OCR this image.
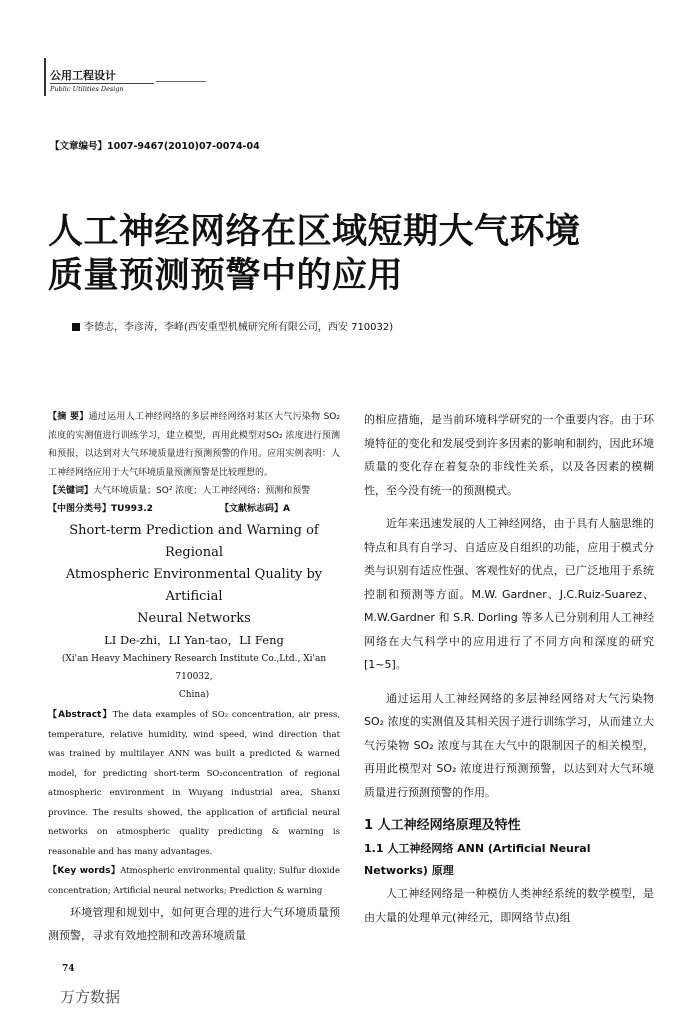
公用工程设计
Public Utilities Design
【文章编号】1007-9467(2010)07-0074-04
人工神经网络在区域短期大气环境
质量预测预警中的应用
李德志，李彦涛，李峰(西安重型机械研究所有限公司，西安 710032)
【摘 要】通过运用人工神经网络的多层神经网络对某区大气污染物 SO₂ 浓度的实测值进行训练学习，建立模型，再用此模型对SO₂ 浓度进行预测和预报，以达到对大气环境质量进行预测预警的作用。应用实例表明：人工神经网络应用于大气环境质量预测预警是比较理想的。
【关键词】大气环境质量；SO² 浓度；人工神经网络；预测和预警
【中图分类号】TU993.2	【文献标志码】A
Short-term Prediction and Warning of Regional
Atmospheric Environmental Quality by Artificial
Neural Networks
LI De-zhi，LI Yan-tao，LI Feng
(Xi'an Heavy Machinery Research Institute Co.,Ltd., Xi'an 710032,
China)
【Abstract】The data examples of SO₂ concentration, air press, temperature, relative humidity, wind speed, wind direction that was trained by multilayer ANN was built a predicted & warned model, for predicting short-term SO₂concentration of regional atmospheric environment in Wuyang industrial area, Shanxi province. The results showed, the application of artificial neural networks on atmospheric quality predicting & warning is reasonable and has many advantages.
【Key words】Atmospheric environmental quality; Sulfur dioxide concentration; Artificial neural networks; Prediction & warning
环境管理和规划中，如何更合理的进行大气环境质量预测预警，寻求有效地控制和改善环境质量

的相应措施，是当前环境科学研究的一个重要内容。由于环境特征的变化和发展受到许多因素的影响和制约，因此环境质量的变化存在着复杂的非线性关系，以及各因素的模糊性，至今没有统一的预测模式。

近年来迅速发展的人工神经网络，由于具有人脑思维的特点和具有自学习、自适应及自组织的功能，应用于模式分类与识别有适应性强、客观性好的优点，已广泛地用于系统控制和预测等方面。M.W. Gardner、J.C.Ruiz-Suarez、M.W.Gardner 和 S.R. Dorling 等多人已分别利用人工神经网络在大气科学中的应用进行了不同方向和深度的研究[1~5]。

通过运用人工神经网络的多层神经网络对大气污染物 SO₂ 浓度的实测值及其相关因子进行训练学习，从而建立大气污染物 SO₂ 浓度与其在大气中的限制因子的相关模型，再用此模型对 SO₂ 浓度进行预测预警，以达到对大气环境质量进行预测预警的作用。

1 人工神经网络原理及特性
1.1 人工神经网络 ANN (Artificial Neural Networks) 原理

人工神经网络是一种模仿人类神经系统的数学模型，是由大量的处理单元(神经元，即网络节点)组

74
万方数据
